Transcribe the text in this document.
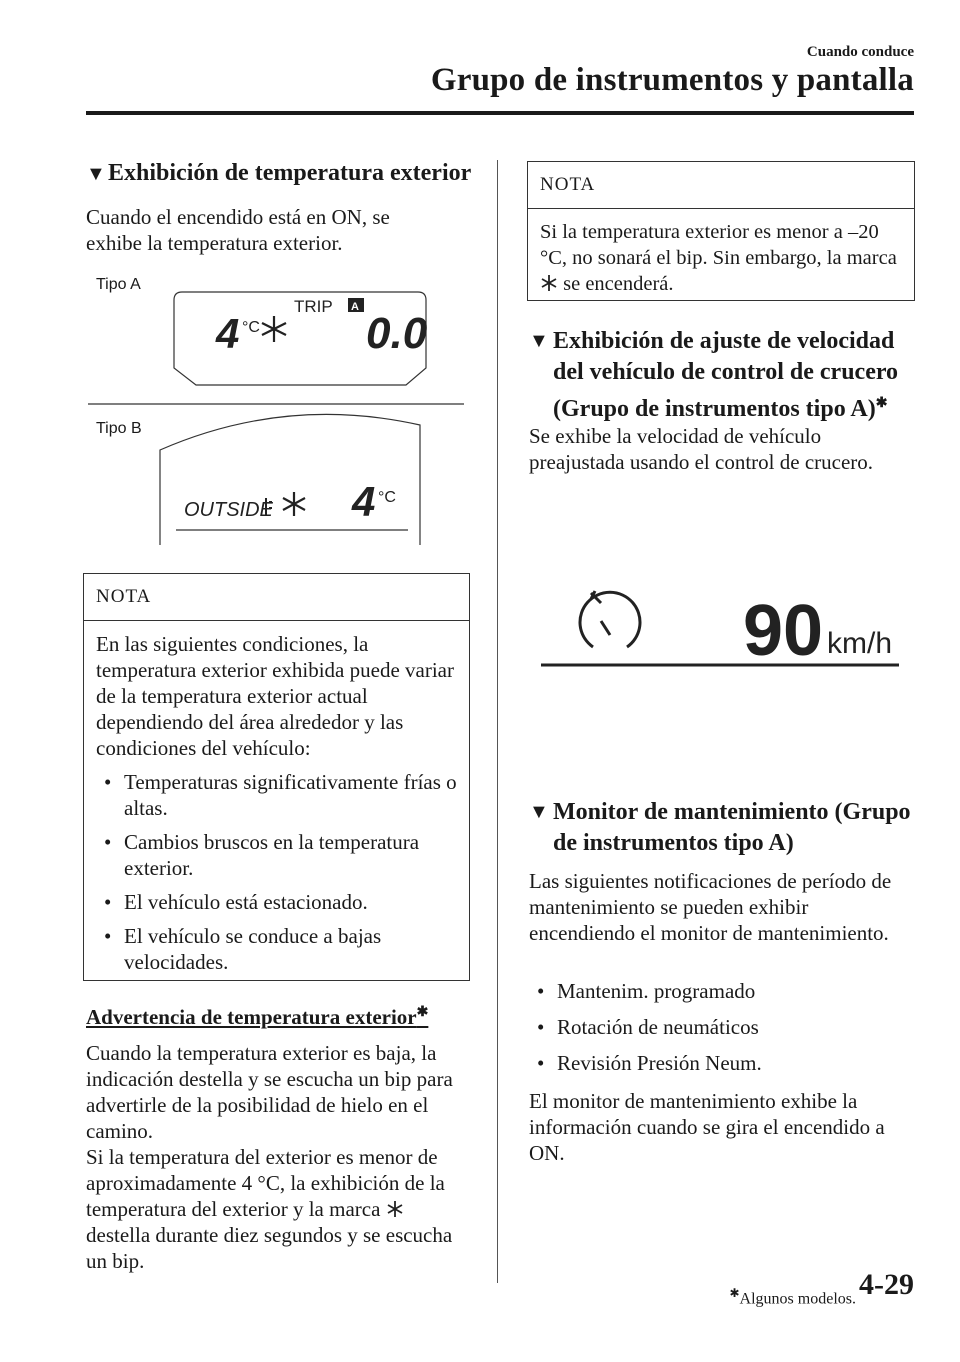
Cuando conduce
Grupo de instrumentos y pantalla
▼Exhibición de temperatura exterior
Cuando el encendido está en ON, se exhibe la temperatura exterior.
Tipo A
Tipo B
4 °C
TRIP A
0.0
OUTSIDE 4 °C
NOTA
En las siguientes condiciones, la temperatura exterior exhibida puede variar de la temperatura exterior actual dependiendo del área alrededor y las condiciones del vehículo:
• Temperaturas significativamente frías o altas.
• Cambios bruscos en la temperatura exterior.
• El vehículo está estacionado.
• El vehículo se conduce a bajas velocidades.
Advertencia de temperatura exterior✱
Cuando la temperatura exterior es baja, la indicación destella y se escucha un bip para advertirle de la posibilidad de hielo en el camino.
Si la temperatura del exterior es menor de aproximadamente 4 °C, la exhibición de la temperatura del exterior y la marca  destella durante diez segundos y se escucha un bip.
NOTA
Si la temperatura exterior es menor a –20 °C, no sonará el bip. Sin embargo, la marca  se encenderá.
▼ Exhibición de ajuste de velocidad del vehículo de control de crucero (Grupo de instrumentos tipo A)✱
Se exhibe la velocidad de vehículo preajustada usando el control de crucero.
90 km/h
▼ Monitor de mantenimiento (Grupo de instrumentos tipo A)
Las siguientes notificaciones de período de mantenimiento se pueden exhibir encendiendo el monitor de mantenimiento.
• Mantenim. programado
• Rotación de neumáticos
• Revisión Presión Neum.
El monitor de mantenimiento exhibe la información cuando se gira el encendido a ON.
✱Algunos modelos. 4-29
